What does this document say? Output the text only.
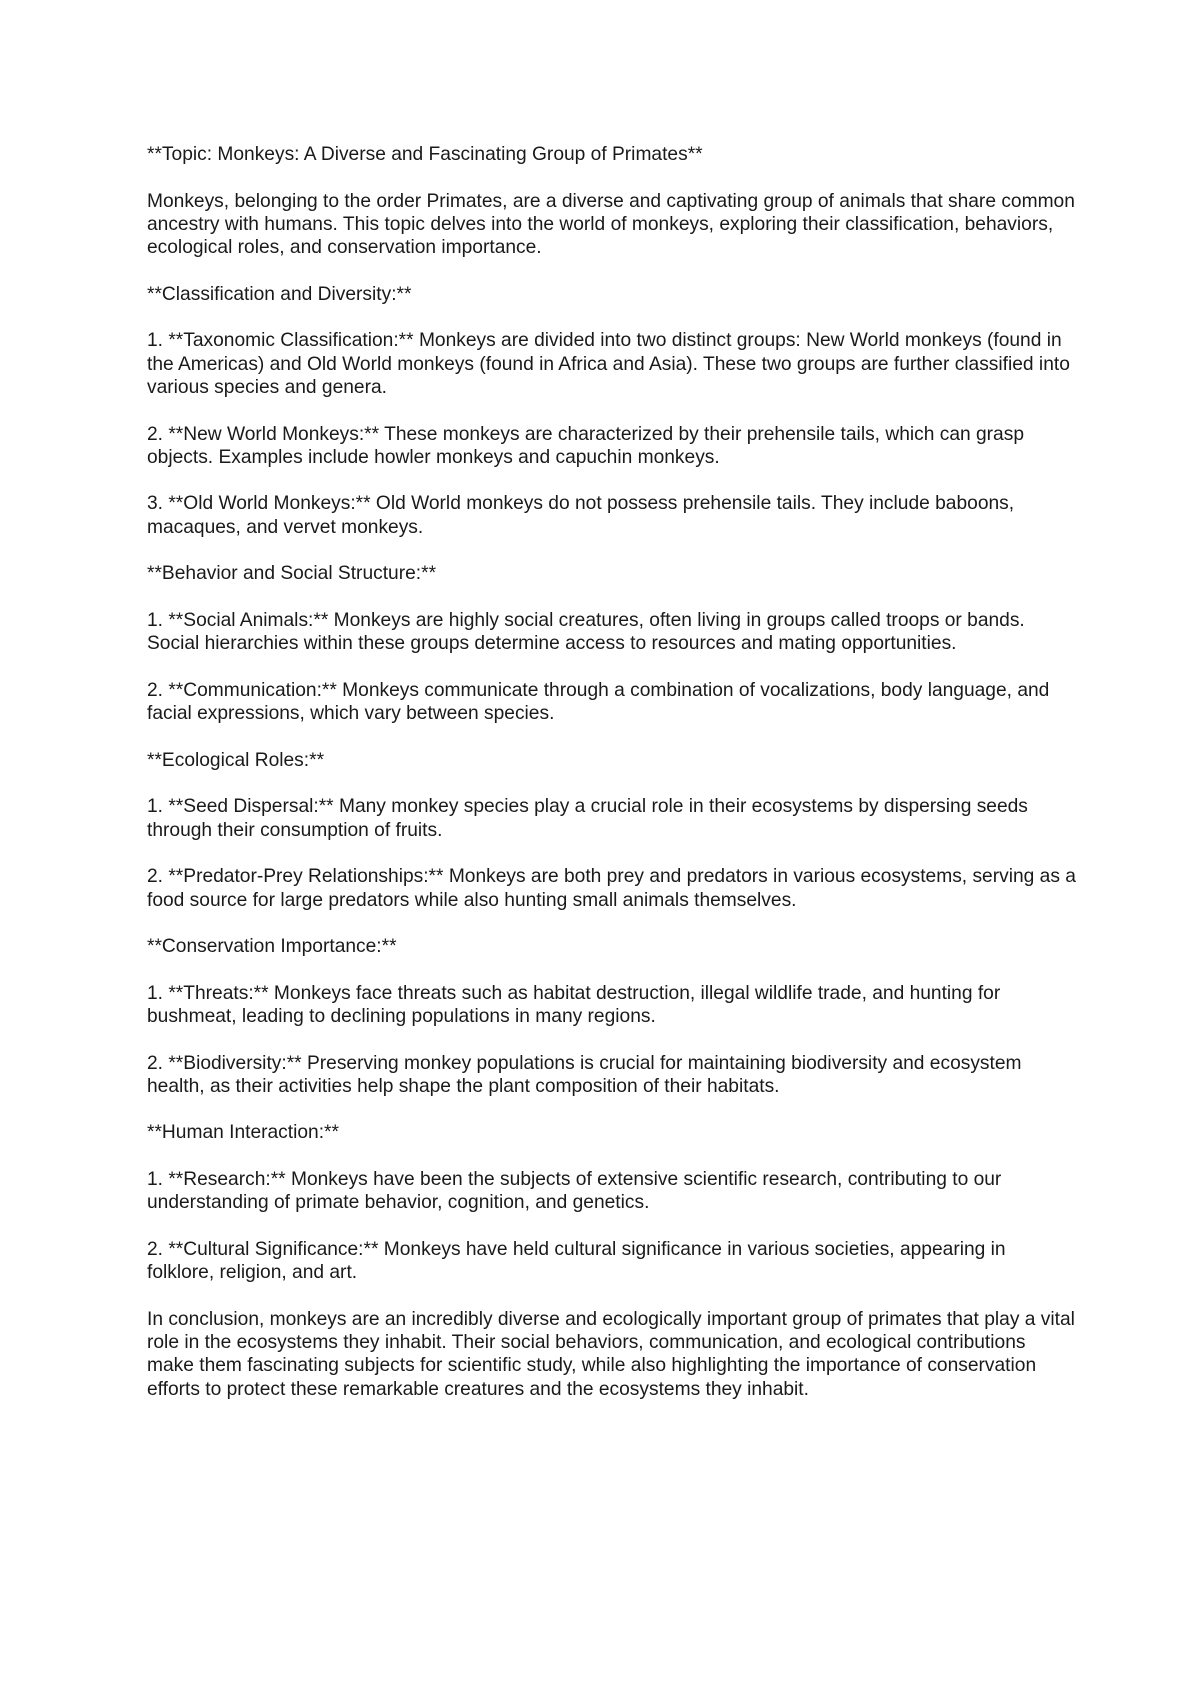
**Topic: Monkeys: A Diverse and Fascinating Group of Primates**

Monkeys, belonging to the order Primates, are a diverse and captivating group of animals that share common ancestry with humans. This topic delves into the world of monkeys, exploring their classification, behaviors, ecological roles, and conservation importance.

**Classification and Diversity:**

1. **Taxonomic Classification:** Monkeys are divided into two distinct groups: New World monkeys (found in the Americas) and Old World monkeys (found in Africa and Asia). These two groups are further classified into various species and genera.

2. **New World Monkeys:** These monkeys are characterized by their prehensile tails, which can grasp objects. Examples include howler monkeys and capuchin monkeys.

3. **Old World Monkeys:** Old World monkeys do not possess prehensile tails. They include baboons, macaques, and vervet monkeys.

**Behavior and Social Structure:**

1. **Social Animals:** Monkeys are highly social creatures, often living in groups called troops or bands. Social hierarchies within these groups determine access to resources and mating opportunities.

2. **Communication:** Monkeys communicate through a combination of vocalizations, body language, and facial expressions, which vary between species.

**Ecological Roles:**

1. **Seed Dispersal:** Many monkey species play a crucial role in their ecosystems by dispersing seeds through their consumption of fruits.

2. **Predator-Prey Relationships:** Monkeys are both prey and predators in various ecosystems, serving as a food source for large predators while also hunting small animals themselves.

**Conservation Importance:**

1. **Threats:** Monkeys face threats such as habitat destruction, illegal wildlife trade, and hunting for bushmeat, leading to declining populations in many regions.

2. **Biodiversity:** Preserving monkey populations is crucial for maintaining biodiversity and ecosystem health, as their activities help shape the plant composition of their habitats.

**Human Interaction:**

1. **Research:** Monkeys have been the subjects of extensive scientific research, contributing to our understanding of primate behavior, cognition, and genetics.

2. **Cultural Significance:** Monkeys have held cultural significance in various societies, appearing in folklore, religion, and art.

In conclusion, monkeys are an incredibly diverse and ecologically important group of primates that play a vital role in the ecosystems they inhabit. Their social behaviors, communication, and ecological contributions make them fascinating subjects for scientific study, while also highlighting the importance of conservation efforts to protect these remarkable creatures and the ecosystems they inhabit.
